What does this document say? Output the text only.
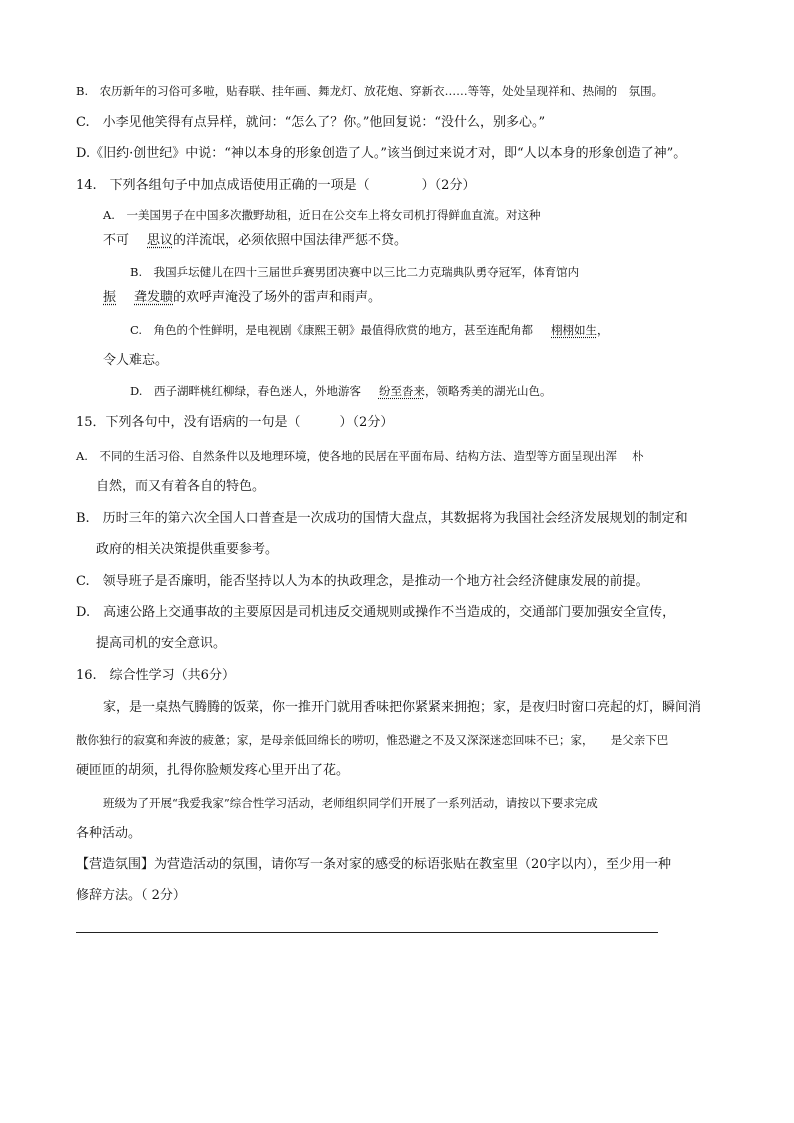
B.　农历新年的习俗可多啦，贴春联、挂年画、舞龙灯、放花炮、穿新衣……等等，处处呈现祥和、热闹的　氛围。
C.　小李见他笑得有点异样，就问：“怎么了？你。”他回复说：“没什么，别多心。”
D.《旧约·创世纪》中说：“神以本身的形象创造了人。”该当倒过来说才对，即“人以本身的形象创造了神”。
14.　下列各组句子中加点成语使用正确的一项是（　　　　）（2分）
A.　一美国男子在中国多次撒野劫租，近日在公交车上将女司机打得鲜血直流。对这种
不可 思议的洋流氓，必须依照中国法律严惩不贷。
B.　我国乒坛健儿在四十三届世乒赛男团决赛中以三比二力克瑞典队勇夺冠军，体育馆内
振 聋发聩的欢呼声淹没了场外的雷声和雨声。
C.　角色的个性鲜明，是电视剧《康熙王朝》最值得欣赏的地方，甚至连配角都 栩栩如生，
令人难忘。
D.　西子湖畔桃红柳绿，春色迷人，外地游客 纷至沓来，领略秀美的湖光山色。
15．下列各句中，没有语病的一句是（　　　）（2分）
A.　不同的生活习俗、自然条件以及地理环境，使各地的民居在平面布局、结构方法、造型等方面呈现出浑　 朴
自然，而又有着各自的特色。
B.　历时三年的第六次全国人口普查是一次成功的国情大盘点，其数据将为我国社会经济发展规划的制定和
政府的相关决策提供重要参考。
C.　领导班子是否廉明，能否坚持以人为本的执政理念，是推动一个地方社会经济健康发展的前提。
D.　高速公路上交通事故的主要原因是司机违反交通规则或操作不当造成的，交通部门要加强安全宣传，
提高司机的安全意识。
16.　综合性学习（共6分）
家，是一桌热气腾腾的饭菜，你一推开门就用香味把你紧紧来拥抱；家，是夜归时窗口亮起的灯，瞬间消
散你独行的寂寞和奔波的疲惫；家，是母亲低回绵长的唠叨，惟恐避之不及又深深迷恋回味不已；家，　　是父亲下巴
硬匝匝的胡须，扎得你脸颊发疼心里开出了花。
班级为了开展“我爱我家”综合性学习活动，老师组织同学们开展了一系列活动，请按以下要求完成
各种活动。
【营造氛围】为营造活动的氛围，请你写一条对家的感受的标语张贴在教室里（20字以内），至少用一种
修辞方法。（ 2分）
